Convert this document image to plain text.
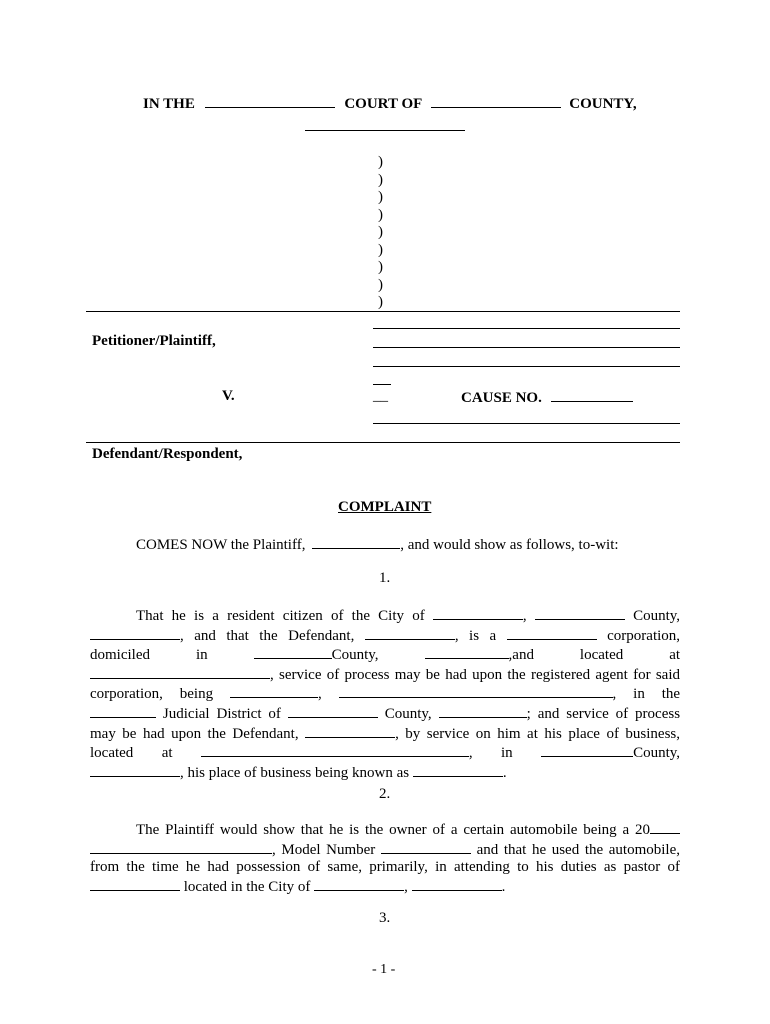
IN THE	COURT OF	COUNTY,
)
)
)
)
)
)
)
)
)
Petitioner/Plaintiff,
V.	__	CAUSE NO.
Defendant/Respondent,
COMPLAINT
COMES NOW the Plaintiff,	, and would show as follows, to-wit:
1.
That he is a resident citizen of the City of	,	County,
, and that the Defendant,	, is a	corporation,
domiciled	in	County,	,and	located	at
, service of process may be had upon the registered agent for said
corporation, being	,	, in the
Judicial District of	County,	; and service of process
may be had upon the Defendant,	, by service on him at his place of business,
located at	, in	County,
, his place of business being known as	.
2.
The Plaintiff would show that he is the owner of a certain automobile being a 20
, Model Number	and that he used the automobile,
from the time he had possession of same, primarily, in attending to his duties as pastor of
located in the City of	,	.
3.
- 1 -
